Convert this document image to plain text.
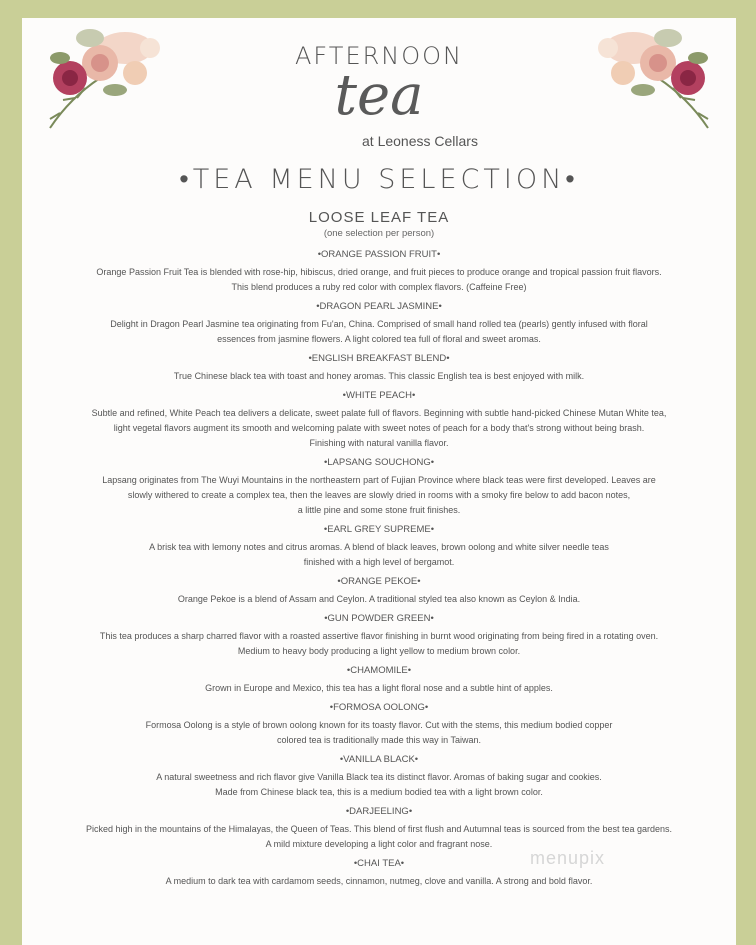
AFTERNOON
tea
at Leoness Cellars
•TEA MENU SELECTION•
LOOSE LEAF TEA
(one selection per person)
•ORANGE PASSION FRUIT•
Orange Passion Fruit Tea is blended with rose-hip, hibiscus, dried orange, and fruit pieces to produce orange and tropical passion fruit flavors.
This blend produces a ruby red color with complex flavors. (Caffeine Free)
•DRAGON PEARL JASMINE•
Delight in Dragon Pearl Jasmine tea originating from Fu'an, China. Comprised of small hand rolled tea (pearls) gently infused with floral
essences from jasmine flowers. A light colored tea full of floral and sweet aromas.
•ENGLISH BREAKFAST BLEND•
True Chinese black tea with toast and honey aromas. This classic English tea is best enjoyed with milk.
•WHITE PEACH•
Subtle and refined, White Peach tea delivers a delicate, sweet palate full of flavors. Beginning with subtle hand-picked Chinese Mutan White tea,
light vegetal flavors augment its smooth and welcoming palate with sweet notes of peach for a body that's strong without being brash.
Finishing with natural vanilla flavor.
•LAPSANG SOUCHONG•
Lapsang originates from The Wuyi Mountains in the northeastern part of Fujian Province where black teas were first developed. Leaves are
slowly withered to create a complex tea, then the leaves are slowly dried in rooms with a smoky fire below to add bacon notes,
a little pine and some stone fruit finishes.
•EARL GREY SUPREME•
A brisk tea with lemony notes and citrus aromas. A blend of black leaves, brown oolong and white silver needle teas
finished with a high level of bergamot.
•ORANGE PEKOE•
Orange Pekoe is a blend of Assam and Ceylon. A traditional styled tea also known as Ceylon & India.
•GUN POWDER GREEN•
This tea produces a sharp charred flavor with a roasted assertive flavor finishing in burnt wood originating from being fired in a rotating oven.
Medium to heavy body producing a light yellow to medium brown color.
•CHAMOMILE•
Grown in Europe and Mexico, this tea has a light floral nose and a subtle hint of apples.
•FORMOSA OOLONG•
Formosa Oolong is a style of brown oolong known for its toasty flavor. Cut with the stems, this medium bodied copper
colored tea is traditionally made this way in Taiwan.
•VANILLA BLACK•
A natural sweetness and rich flavor give Vanilla Black tea its distinct flavor. Aromas of baking sugar and cookies.
Made from Chinese black tea, this is a medium bodied tea with a light brown color.
•DARJEELING•
Picked high in the mountains of the Himalayas, the Queen of Teas. This blend of first flush and Autumnal teas is sourced from the best tea gardens.
A mild mixture developing a light color and fragrant nose.
•CHAI TEA•
A medium to dark tea with cardamom seeds, cinnamon, nutmeg, clove and vanilla. A strong and bold flavor.
menupix
